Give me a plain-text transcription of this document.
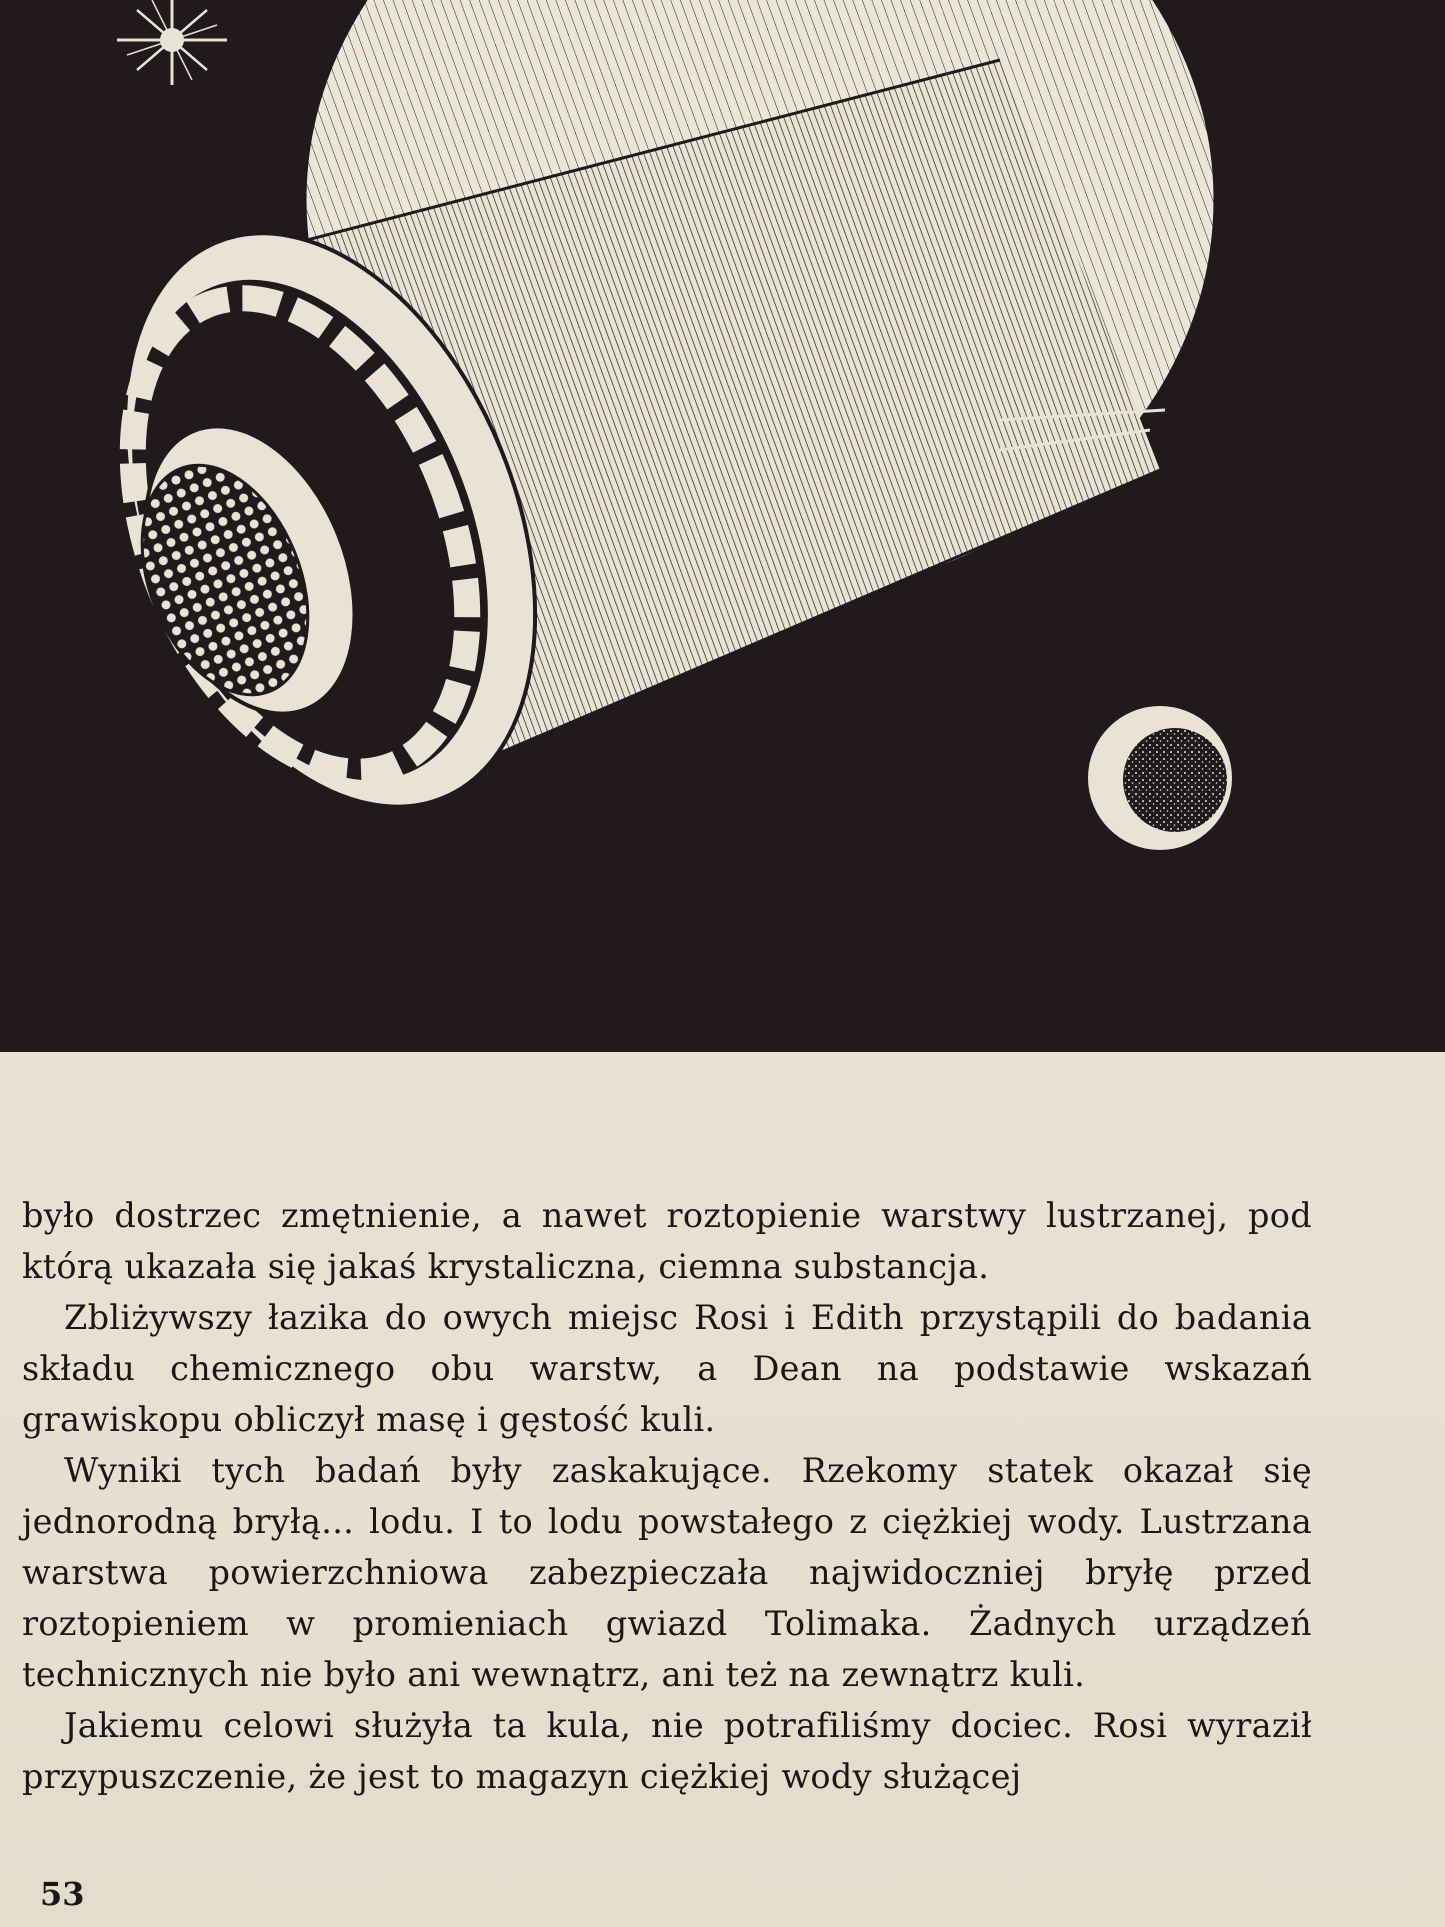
było dostrzec zmętnienie, a nawet roztopienie warstwy lustrzanej, pod którą ukazała się jakaś krystaliczna, ciemna substancja.

Zbliżywszy łazika do owych miejsc Rosi i Edith przystąpili do badania składu chemicznego obu warstw, a Dean na podstawie wskazań grawiskopu obliczył masę i gęstość kuli.

Wyniki tych badań były zaskakujące. Rzekomy statek okazał się jednorodną bryłą... lodu. I to lodu powstałego z ciężkiej wody. Lustrzana warstwa powierzchniowa zabezpieczała najwidoczniej bryłę przed roztopieniem w promieniach gwiazd Tolimaka. Żadnych urządzeń technicznych nie było ani wewnątrz, ani też na zewnątrz kuli.

Jakiemu celowi służyła ta kula, nie potrafiliśmy dociec. Rosi wyraził przypuszczenie, że jest to magazyn ciężkiej wody służącej

53
